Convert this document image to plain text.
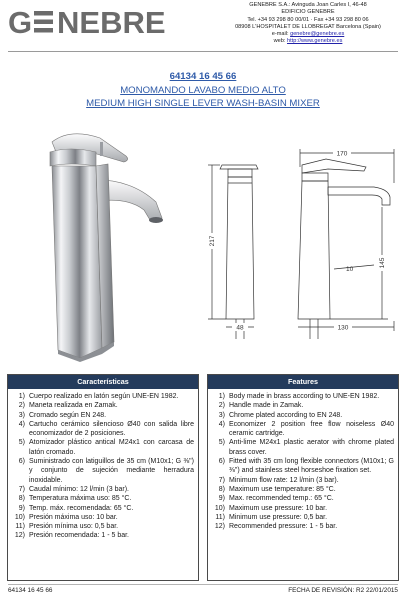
G NEBRE	GENEBRE S.A.: Avinguda Joan Carles I, 46-48
EDIFICIO GENEBRE
Tel. +34 93 298 80 00/01 · Fax +34 93 298 80 06
08908 L'HOSPITALET DE LLOBREGAT Barcelona (Spain)
e-mail: genebre@genebre.es
web: http://www.genebre.es
64134 16 45 66
MONOMANDO LAVABO MEDIO ALTO
MEDIUM HIGH SINGLE LEVER WASH-BASIN MIXER
170
217
48
145
10
130
Características
1) Cuerpo realizado en latón según UNE-EN 1982.
2) Maneta realizada en Zamak.
3) Cromado según EN 248.
4) Cartucho cerámico silencioso Ø40 con salida libre economizador de 2 posiciones.
5) Atomizador plástico antical M24x1 con carcasa de latón cromado.
6) Suministrado con latiguillos de 35 cm (M10x1; G ⅜") y conjunto de sujeción mediante herradura inoxidable.
7) Caudal mínimo: 12 l/min (3 bar).
8) Temperatura máxima uso: 85 °C.
9) Temp. máx. recomendada: 65 °C.
10) Presión máxima uso: 10 bar.
11) Presión mínima uso: 0,5 bar.
12) Presión recomendada: 1 - 5 bar.
Features
1) Body made in brass according to UNE-EN 1982.
2) Handle made in Zamak.
3) Chrome plated according to EN 248.
4) Economizer 2 position free flow noiseless Ø40 ceramic cartridge.
5) Anti-lime M24x1 plastic aerator with chrome plated brass cover.
6) Fitted with 35 cm long flexible connectors (M10x1; G ⅜") and stainless steel horseshoe fixation set.
7) Minimum flow rate: 12 l/min (3 bar).
8) Maximum use temperature: 85 °C.
9) Max. recommended temp.: 65 °C.
10) Maximum use pressure: 10 bar.
11) Minimum use pressure: 0,5 bar.
12) Recommended pressure: 1 - 5 bar.
64134 16 45 66	FECHA DE REVISIÓN: R2 22/01/2015
